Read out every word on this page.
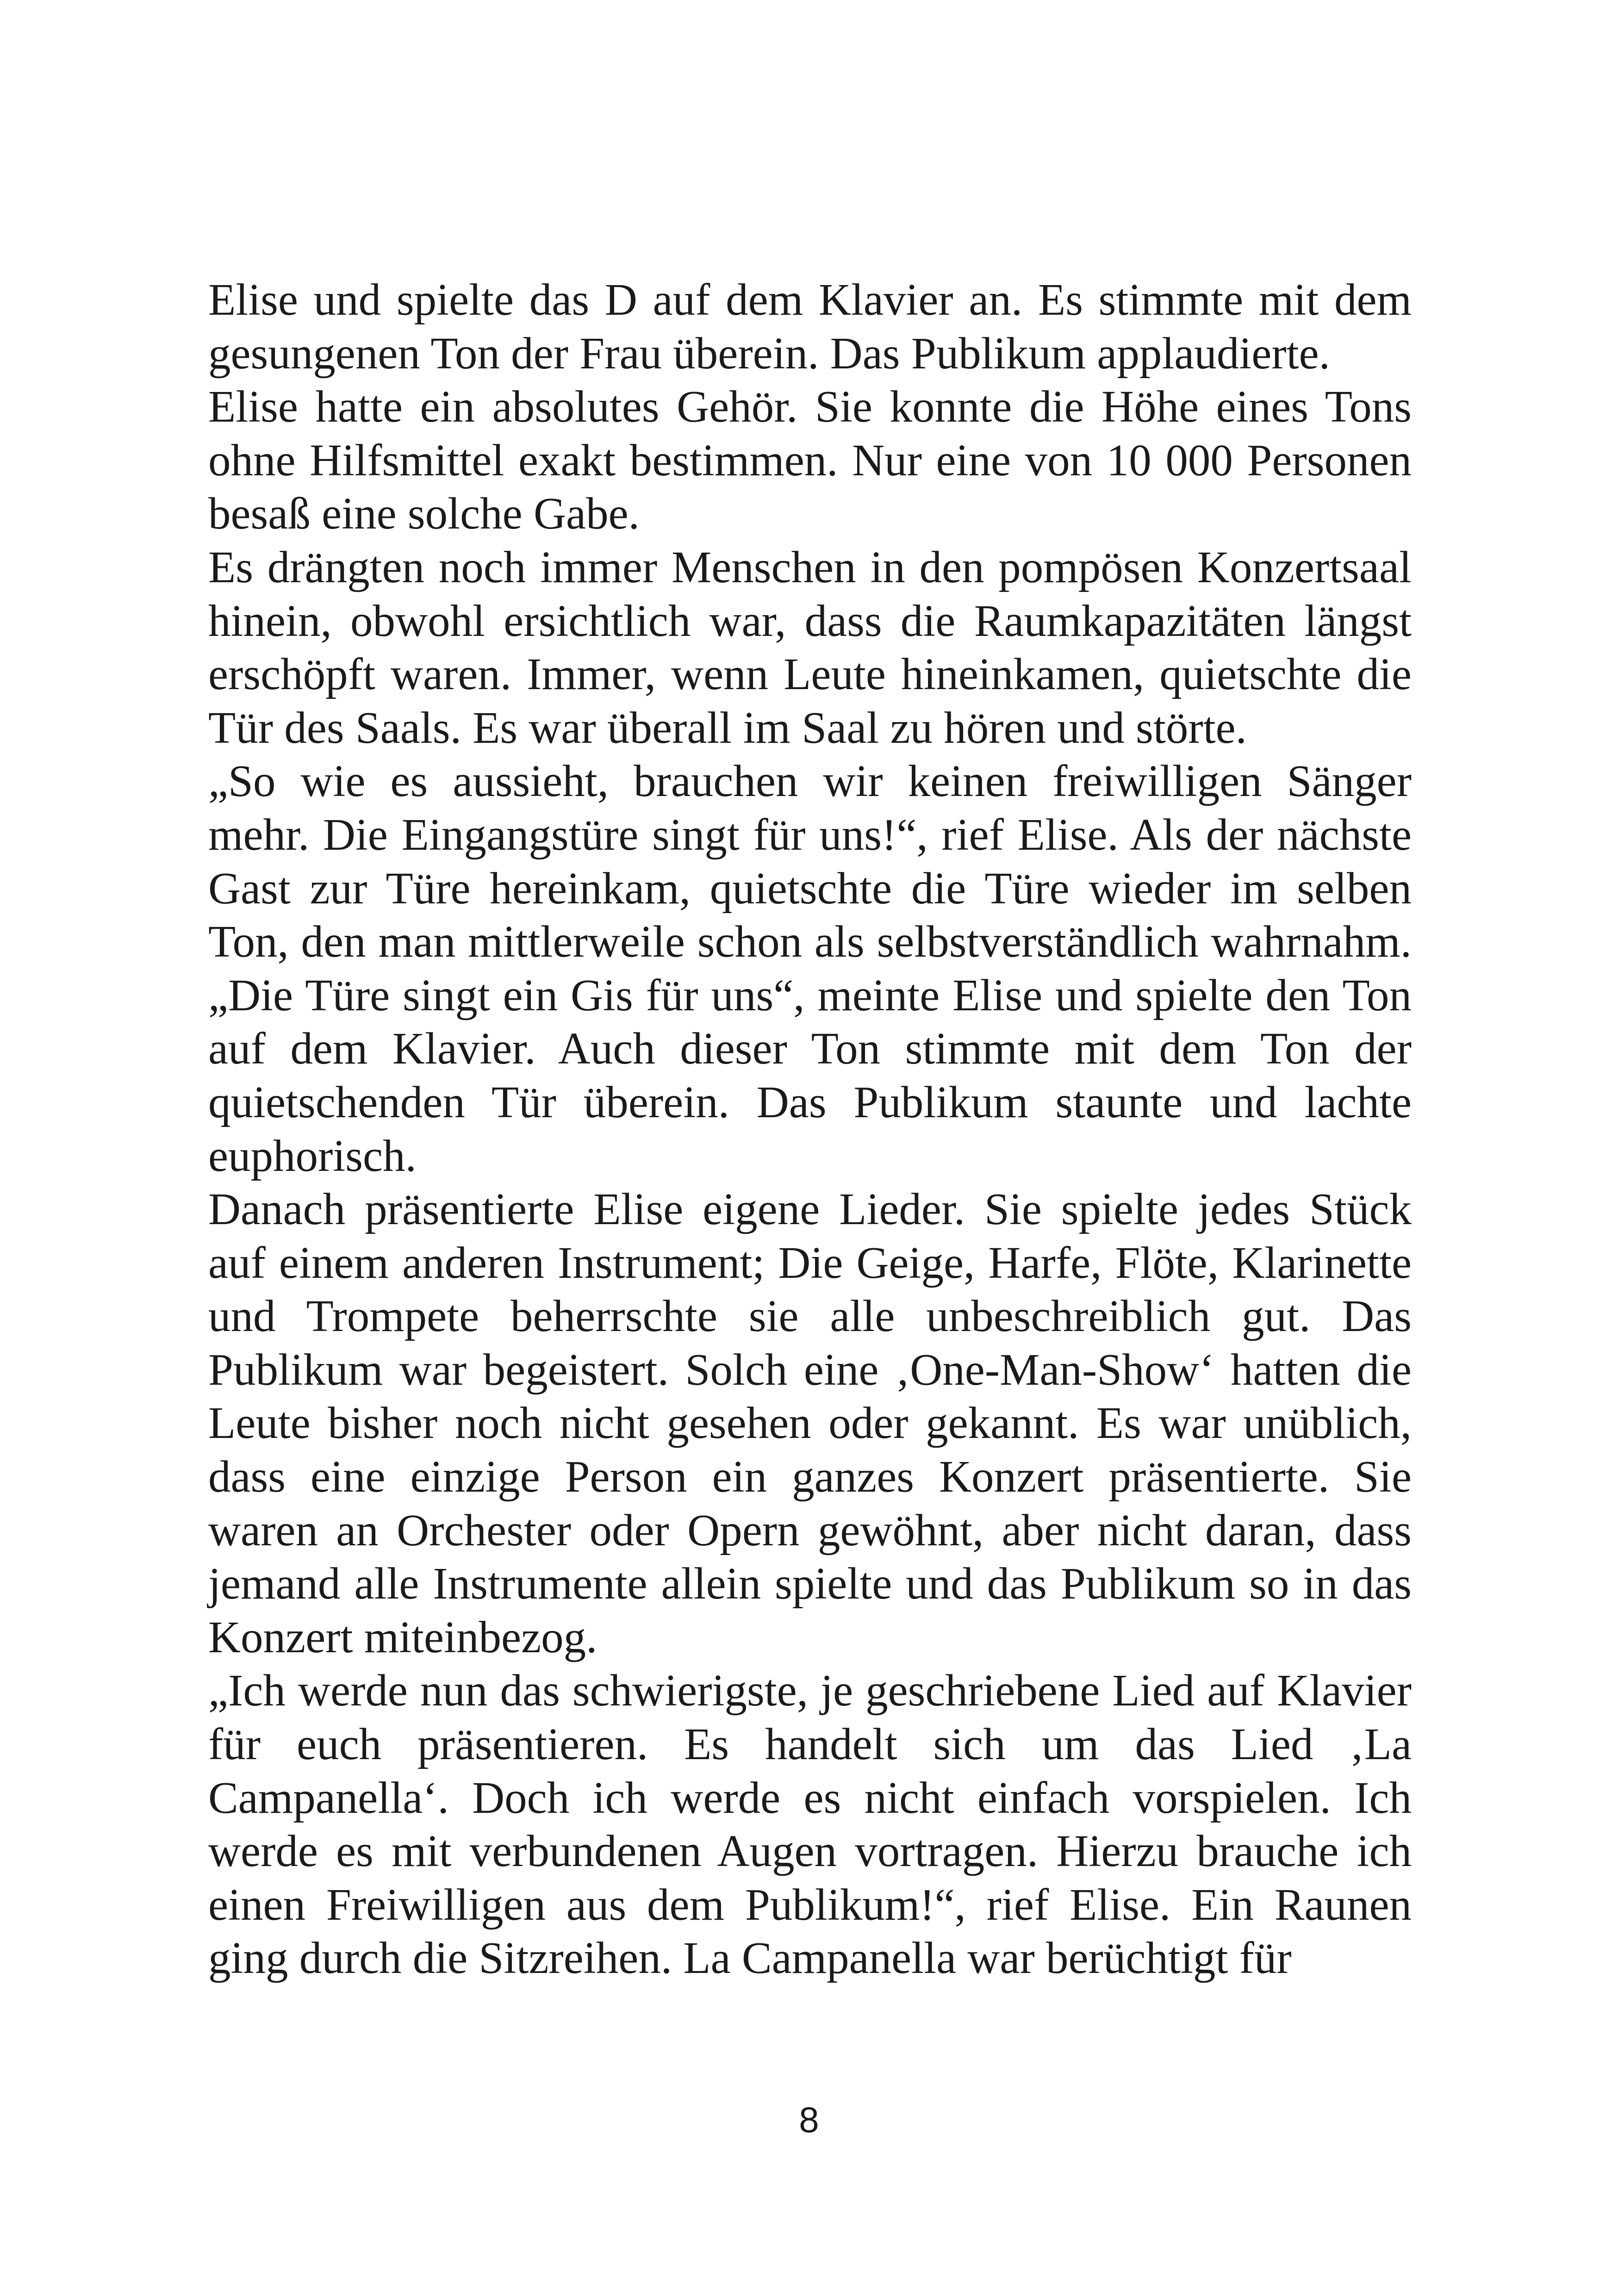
Elise und spielte das D auf dem Klavier an. Es stimmte mit dem gesungenen Ton der Frau überein. Das Publikum applaudierte.

Elise hatte ein absolutes Gehör. Sie konnte die Höhe eines Tons ohne Hilfsmittel exakt bestimmen. Nur eine von 10 000 Personen besaß eine solche Gabe.

Es drängten noch immer Menschen in den pompösen Konzertsaal hinein, obwohl ersichtlich war, dass die Raumkapazitäten längst erschöpft waren. Immer, wenn Leute hineinkamen, quietschte die Tür des Saals. Es war überall im Saal zu hören und störte.

„So wie es aussieht, brauchen wir keinen freiwilligen Sänger mehr. Die Eingangstüre singt für uns!“, rief Elise. Als der nächste Gast zur Türe hereinkam, quietschte die Türe wieder im selben Ton, den man mittlerweile schon als selbstverständlich wahrnahm. „Die Türe singt ein Gis für uns“, meinte Elise und spielte den Ton auf dem Klavier. Auch dieser Ton stimmte mit dem Ton der quietschenden Tür überein. Das Publikum staunte und lachte euphorisch.

Danach präsentierte Elise eigene Lieder. Sie spielte jedes Stück auf einem anderen Instrument; Die Geige, Harfe, Flöte, Klarinette und Trompete beherrschte sie alle unbeschreiblich gut. Das Publikum war begeistert. Solch eine ‚One-Man-Show‘ hatten die Leute bisher noch nicht gesehen oder gekannt. Es war unüblich, dass eine einzige Person ein ganzes Konzert präsentierte. Sie waren an Orchester oder Opern gewöhnt, aber nicht daran, dass jemand alle Instrumente allein spielte und das Publikum so in das Konzert miteinbezog.

„Ich werde nun das schwierigste, je geschriebene Lied auf Klavier für euch präsentieren. Es handelt sich um das Lied ‚La Campanella‘. Doch ich werde es nicht einfach vorspielen. Ich werde es mit verbundenen Augen vortragen. Hierzu brauche ich einen Freiwilligen aus dem Publikum!“, rief Elise. Ein Raunen ging durch die Sitzreihen. La Campanella war berüchtigt für

8
